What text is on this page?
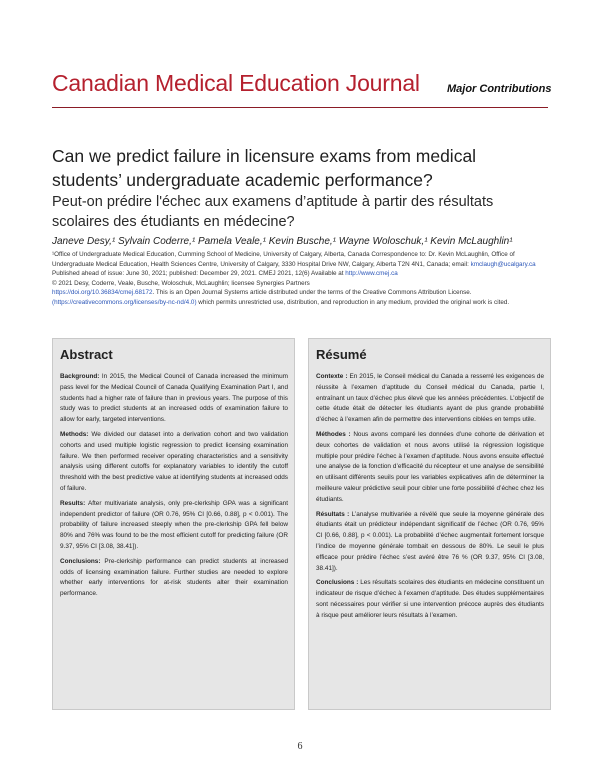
Canadian Medical Education Journal Major Contributions
Can we predict failure in licensure exams from medical students’ undergraduate academic performance?
Peut-on prédire l'échec aux examens d’aptitude à partir des résultats scolaires des étudiants en médecine?
Janeve Desy,¹ Sylvain Coderre,¹ Pamela Veale,¹ Kevin Busche,¹ Wayne Woloschuk,¹ Kevin McLaughlin¹

¹Office of Undergraduate Medical Education, Cumming School of Medicine, University of Calgary, Alberta, Canada Correspondence to: Dr. Kevin McLaughlin, Office of Undergraduate Medical Education, Health Sciences Centre, University of Calgary, 3330 Hospital Drive NW, Calgary, Alberta T2N 4N1, Canada; email: kmclaugh@ucalgary.ca

Published ahead of issue: June 30, 2021; published: December 29, 2021. CMEJ 2021, 12(6) Available at http://www.cmej.ca

© 2021 Desy, Coderre, Veale, Busche, Woloschuk, McLaughlin; licensee Synergies Partners

https://doi.org/10.36834/cmej.68172. This is an Open Journal Systems article distributed under the terms of the Creative Commons Attribution License. (https://creativecommons.org/licenses/by-nc-nd/4.0) which permits unrestricted use, distribution, and reproduction in any medium, provided the original work is cited.

Abstract

Background: In 2015, the Medical Council of Canada increased the minimum pass level for the Medical Council of Canada Qualifying Examination Part I, and students had a higher rate of failure than in previous years. The purpose of this study was to predict students at an increased odds of examination failure to allow for early, targeted interventions.

Methods: We divided our dataset into a derivation cohort and two validation cohorts and used multiple logistic regression to predict licensing examination failure. We then performed receiver operating characteristics and a sensitivity analysis using different cutoffs for explanatory variables to identify the cutoff threshold with the best predictive value at identifying students at increased odds of failure.

Results: After multivariate analysis, only pre-clerkship GPA was a significant independent predictor of failure (OR 0.76, 95% CI [0.66, 0.88], p < 0.001). The probability of failure increased steeply when the pre-clerkship GPA fell below 80% and 76% was found to be the most efficient cutoff for predicting failure (OR 9.37, 95% CI [3.08, 38.41]).

Conclusions: Pre-clerkship performance can predict students at increased odds of licensing examination failure. Further studies are needed to explore whether early interventions for at-risk students alter their examination performance.

Résumé

Contexte : En 2015, le Conseil médical du Canada a resserré les exigences de réussite à l’examen d’aptitude du Conseil médical du Canada, partie I, entraînant un taux d’échec plus élevé que les années précédentes. L’objectif de cette étude était de détecter les étudiants ayant de plus grande probabilité d’échec à l’examen afin de permettre des interventions ciblées en temps utile.

Méthodes : Nous avons comparé les données d’une cohorte de dérivation et deux cohortes de validation et nous avons utilisé la régression logistique multiple pour prédire l’échec à l’examen d’aptitude. Nous avons ensuite effectué une analyse de la fonction d’efficacité du récepteur et une analyse de sensibilité en utilisant différents seuils pour les variables explicatives afin de déterminer la meilleure valeur prédictive seuil pour cibler une forte possibilité d’échec chez les étudiants.

Résultats : L’analyse multivariée a révélé que seule la moyenne générale des étudiants était un prédicteur indépendant significatif de l’échec (OR 0.76, 95% CI [0.66, 0.88], p < 0.001). La probabilité d’échec augmentait fortement lorsque l’indice de moyenne générale tombait en dessous de 80%. Le seuil le plus efficace pour prédire l’échec s’est avéré être 76 % (OR 9.37, 95% CI [3.08, 38.41]).

Conclusions : Les résultats scolaires des étudiants en médecine constituent un indicateur de risque d’échec à l’examen d’aptitude. Des études supplémentaires sont nécessaires pour vérifier si une intervention précoce auprès des étudiants à risque peut améliorer leurs résultats à l’examen.

6
